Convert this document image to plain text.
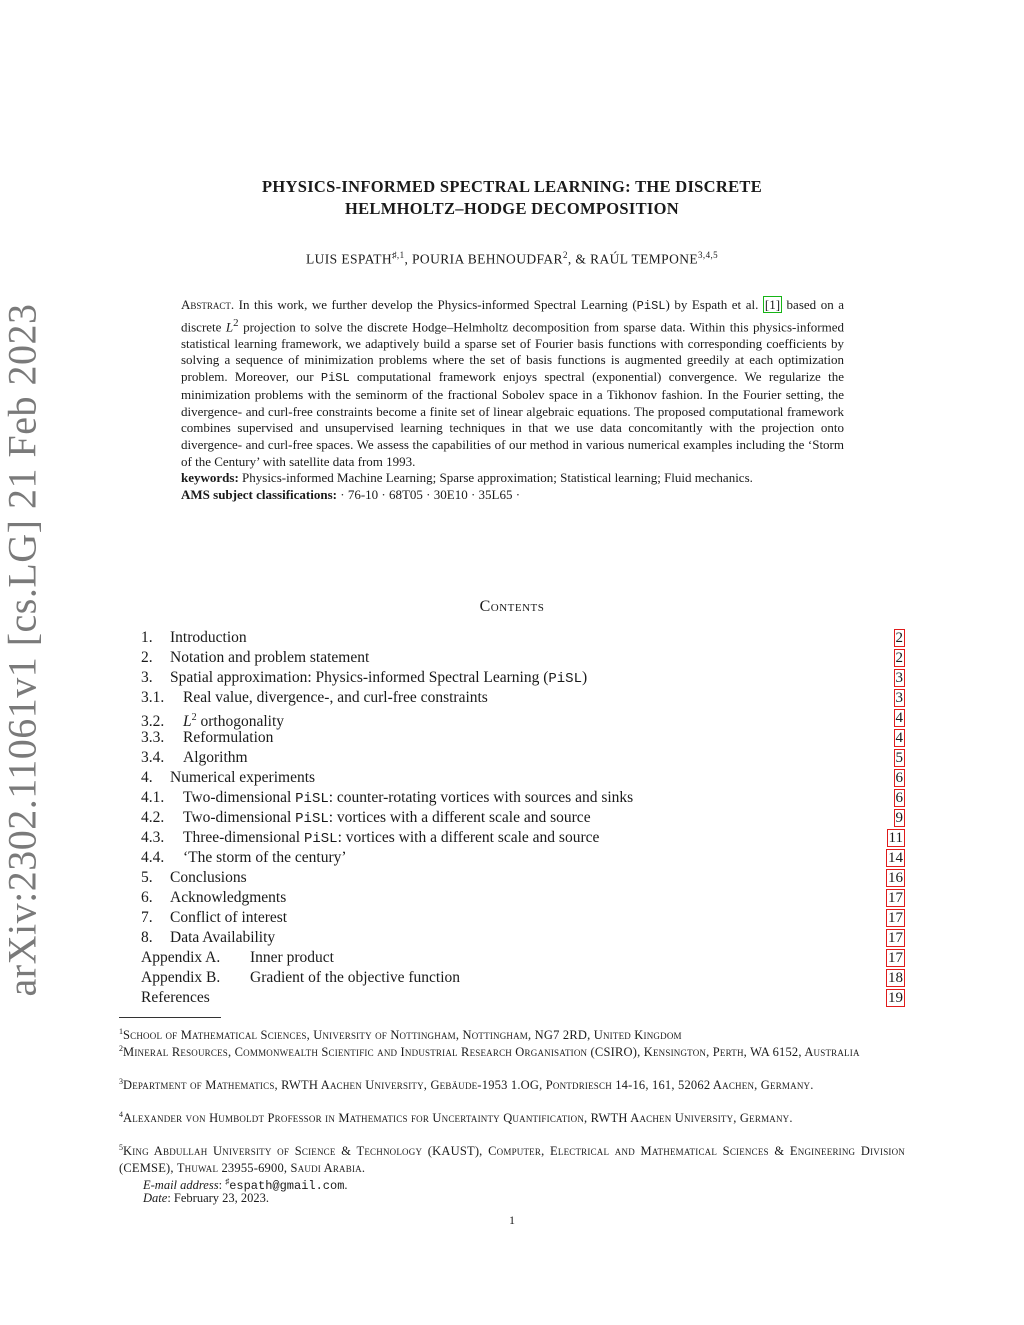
arXiv:2302.11061v1 [cs.LG] 21 Feb 2023
PHYSICS-INFORMED SPECTRAL LEARNING: THE DISCRETE
HELMHOLTZ–HODGE DECOMPOSITION
LUIS $ESPATH^{♯,1}$, POURIA BEHNOUDFAR$^2$, & RAÚL TEMPONE$^{3,4,5}$

Abstract. In this work, we further develop the Physics-informed Spectral Learning (PiSL) by Espath et al. [1] based on a discrete $L^2$ projection to solve the discrete Hodge–Helmholtz decomposition from sparse data. Within this physics-informed statistical learning framework, we adaptively build a sparse set of Fourier basis functions with corresponding coefficients by solving a sequence of minimization problems where the set of basis functions is augmented greedily at each optimization problem. Moreover, our PiSL computational framework enjoys spectral (exponential) convergence. We regularize the minimization problems with the seminorm of the fractional Sobolev space in a Tikhonov fashion. In the Fourier setting, the divergence- and curl-free constraints become a finite set of linear algebraic equations. The proposed computational framework combines supervised and unsupervised learning techniques in that we use data concomitantly with the projection onto divergence- and curl-free spaces. We assess the capabilities of our method in various numerical examples including the ‘Storm of the Century’ with satellite data from 1993.

keywords: Physics-informed Machine Learning; Sparse approximation; Statistical learning; Fluid mechanics.

AMS subject classifications: · 76-10 · 68T05 · 30E10 · 35L65 ·

Contents
1. Introduction	2
2. Notation and problem statement	2
3. Spatial approximation: Physics-informed Spectral Learning (PiSL)	3
3.1. Real value, divergence-, and curl-free constraints	3
3.2. $L^2$ orthogonality	4
3.3. Reformulation	4
3.4. Algorithm	5
4. Numerical experiments	6
4.1. Two-dimensional PiSL: counter-rotating vortices with sources and sinks	6
4.2. Two-dimensional PiSL: vortices with a different scale and source	9
4.3. Three-dimensional PiSL: vortices with a different scale and source	11
4.4. ‘The storm of the century’	14
5. Conclusions	16
6. Acknowledgments	17
7. Conflict of interest	17
8. Data Availability	17
Appendix A. Inner product	17
Appendix B. Gradient of the objective function	18
References	19
$^1$School of Mathematical Sciences, University of Nottingham, Nottingham, NG7 2RD, United Kingdom
$^2$Mineral Resources, Commonwealth Scientific and Industrial Research Organisation (CSIRO), Kensington, Perth, WA 6152, Australia
$^3$Department of Mathematics, RWTH Aachen University, Gebäude-1953 1.OG, Pontdriesch 14-16, 161, 52062 Aachen, Germany.
$^4$Alexander von Humboldt Professor in Mathematics for Uncertainty Quantification, RWTH Aachen University, Germany.
$^5$King Abdullah University of Science & Technology (KAUST), Computer, Electrical and Mathematical Sciences & Engineering Division (CEMSE), Thuwal 23955-6900, Saudi Arabia.
E-mail address: ♯espath@gmail.com.
Date: February 23, 2023.
1
